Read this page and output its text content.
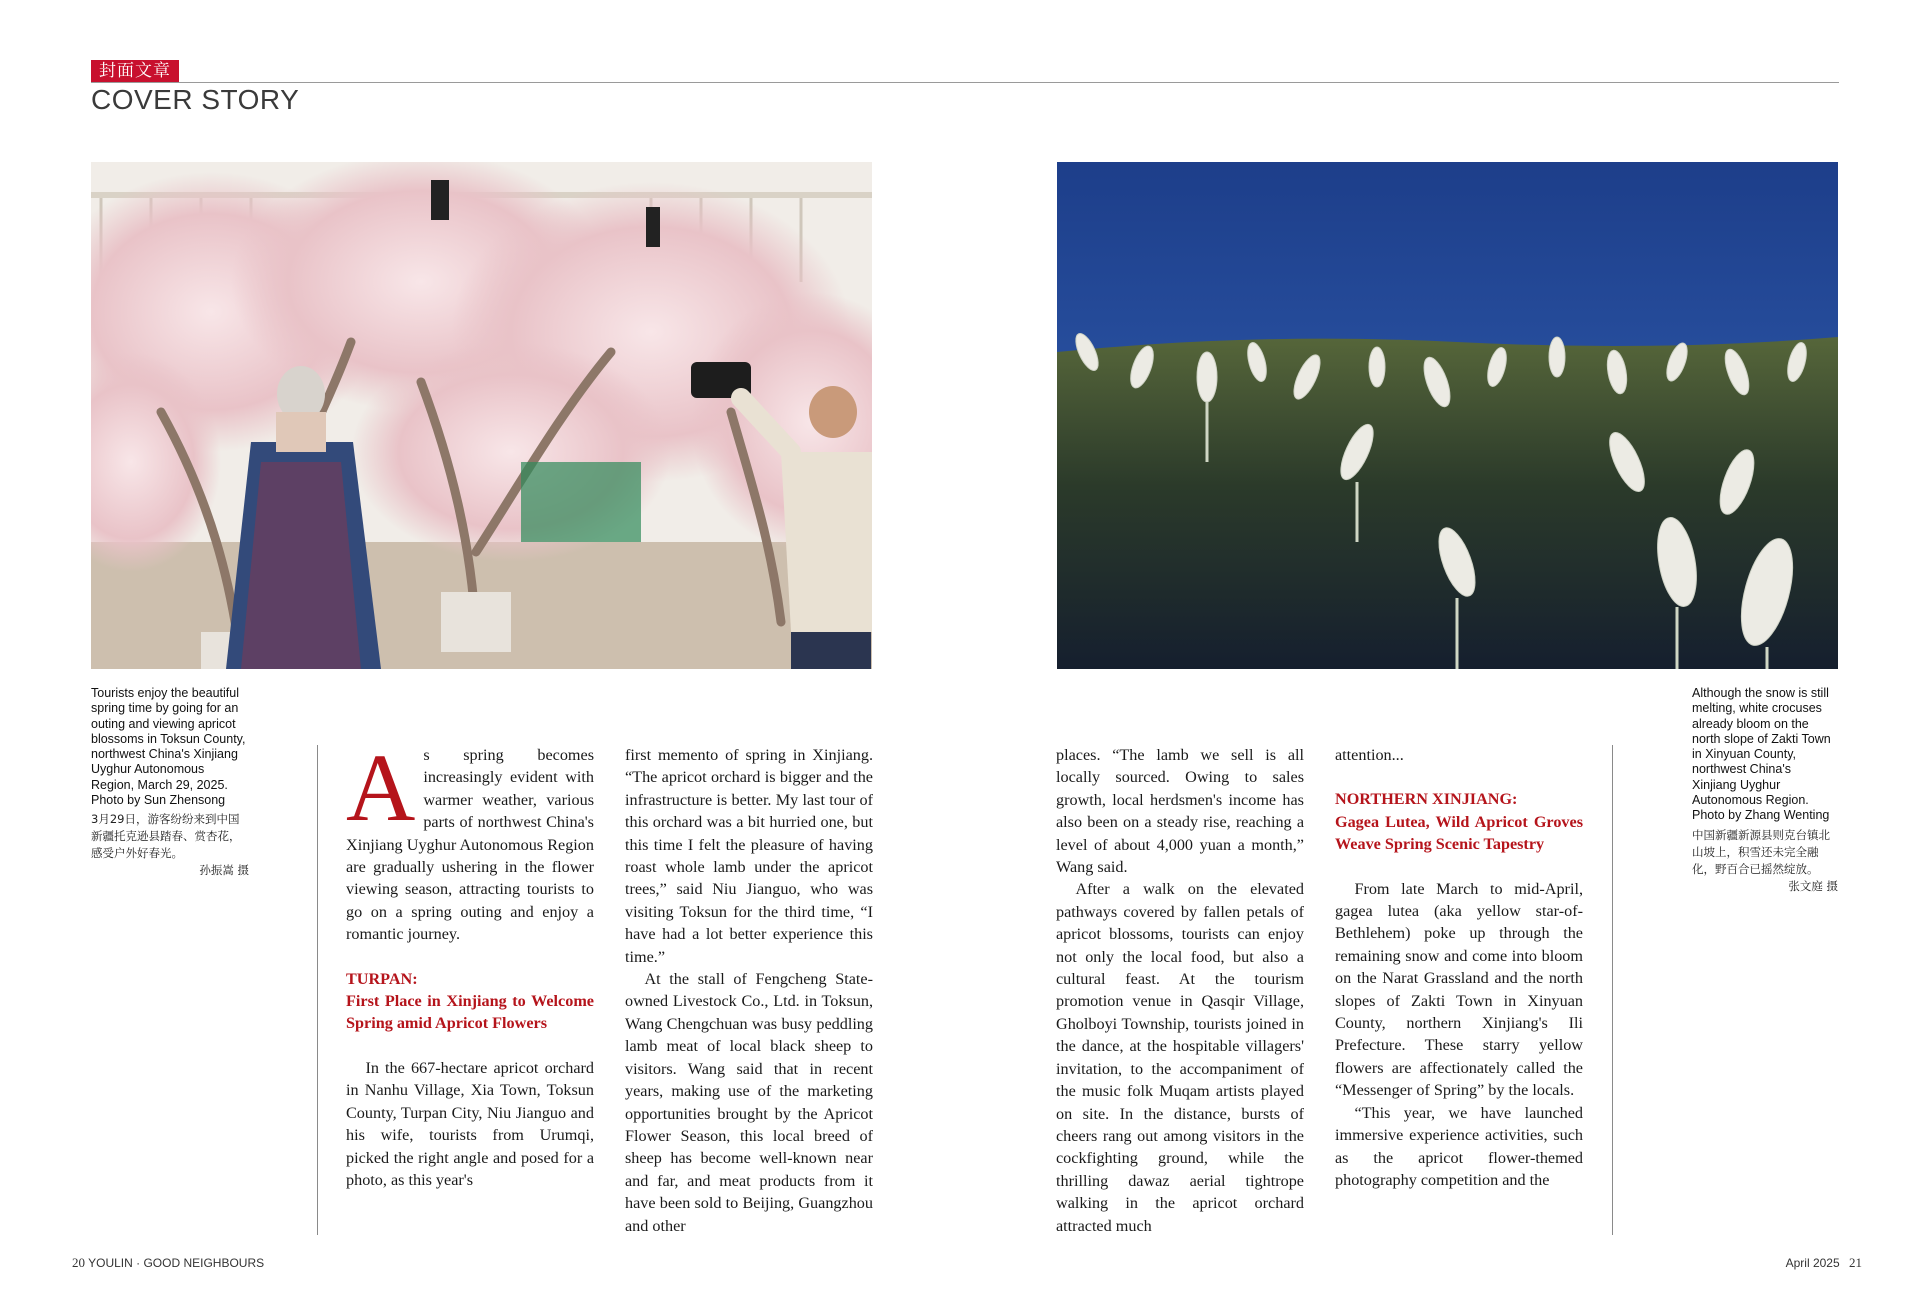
封面文章
COVER STORY
Tourists enjoy the beautiful spring time by going for an outing and viewing apricot blossoms in Toksun County, northwest China's Xinjiang Uyghur Autonomous Region, March 29, 2025. Photo by Sun Zhensong
3月29日，游客纷纷来到中国新疆托克逊县踏春、赏杏花，感受户外好春光。
孙振嵩 摄
Although the snow is still melting, white crocuses already bloom on the north slope of Zakti Town in Xinyuan County, northwest China's Xinjiang Uyghur Autonomous Region. Photo by Zhang Wenting
中国新疆新源县则克台镇北山坡上，积雪还未完全融化，野百合已摇然绽放。
张文庭 摄

As spring becomes increasingly evident with warmer weather, various parts of northwest China's Xinjiang Uyghur Autonomous Region are gradually ushering in the flower viewing season, attracting tourists to go on a spring outing and enjoy a romantic journey.

TURPAN:
First Place in Xinjiang to Welcome Spring amid Apricot Flowers

In the 667-hectare apricot orchard in Nanhu Village, Xia Town, Toksun County, Turpan City, Niu Jianguo and his wife, tourists from Urumqi, picked the right angle and posed for a photo, as this year's

first memento of spring in Xinjiang. “The apricot orchard is bigger and the infrastructure is better. My last tour of this orchard was a bit hurried one, but this time I felt the pleasure of having roast whole lamb under the apricot trees,” said Niu Jianguo, who was visiting Toksun for the third time, “I have had a lot better experience this time.”

At the stall of Fengcheng State-owned Livestock Co., Ltd. in Toksun, Wang Chengchuan was busy peddling lamb meat of local black sheep to visitors. Wang said that in recent years, making use of the marketing opportunities brought by the Apricot Flower Season, this local breed of sheep has become well-known near and far, and meat products from it have been sold to Beijing, Guangzhou and other

places. “The lamb we sell is all locally sourced. Owing to sales growth, local herdsmen's income has also been on a steady rise, reaching a level of about 4,000 yuan a month,” Wang said.

After a walk on the elevated pathways covered by fallen petals of apricot blossoms, tourists can enjoy not only the local food, but also a cultural feast. At the tourism promotion venue in Qasqir Village, Gholboyi Township, tourists joined in the dance, at the hospitable villagers' invitation, to the accompaniment of the music folk Muqam artists played on site. In the distance, bursts of cheers rang out among visitors in the cockfighting ground, while the thrilling dawaz aerial tightrope walking in the apricot orchard attracted much

attention...

NORTHERN XINJIANG:
Gagea Lutea, Wild Apricot Groves Weave Spring Scenic Tapestry

From late March to mid-April, gagea lutea (aka yellow star-of-Bethlehem) poke up through the remaining snow and come into bloom on the Narat Grassland and the north slopes of Zakti Town in Xinyuan County, northern Xinjiang's Ili Prefecture. These starry yellow flowers are affectionately called the “Messenger of Spring” by the locals.

“This year, we have launched immersive experience activities, such as the apricot flower-themed photography competition and the

20 YOULIN · GOOD NEIGHBOURS	April 2025 21
